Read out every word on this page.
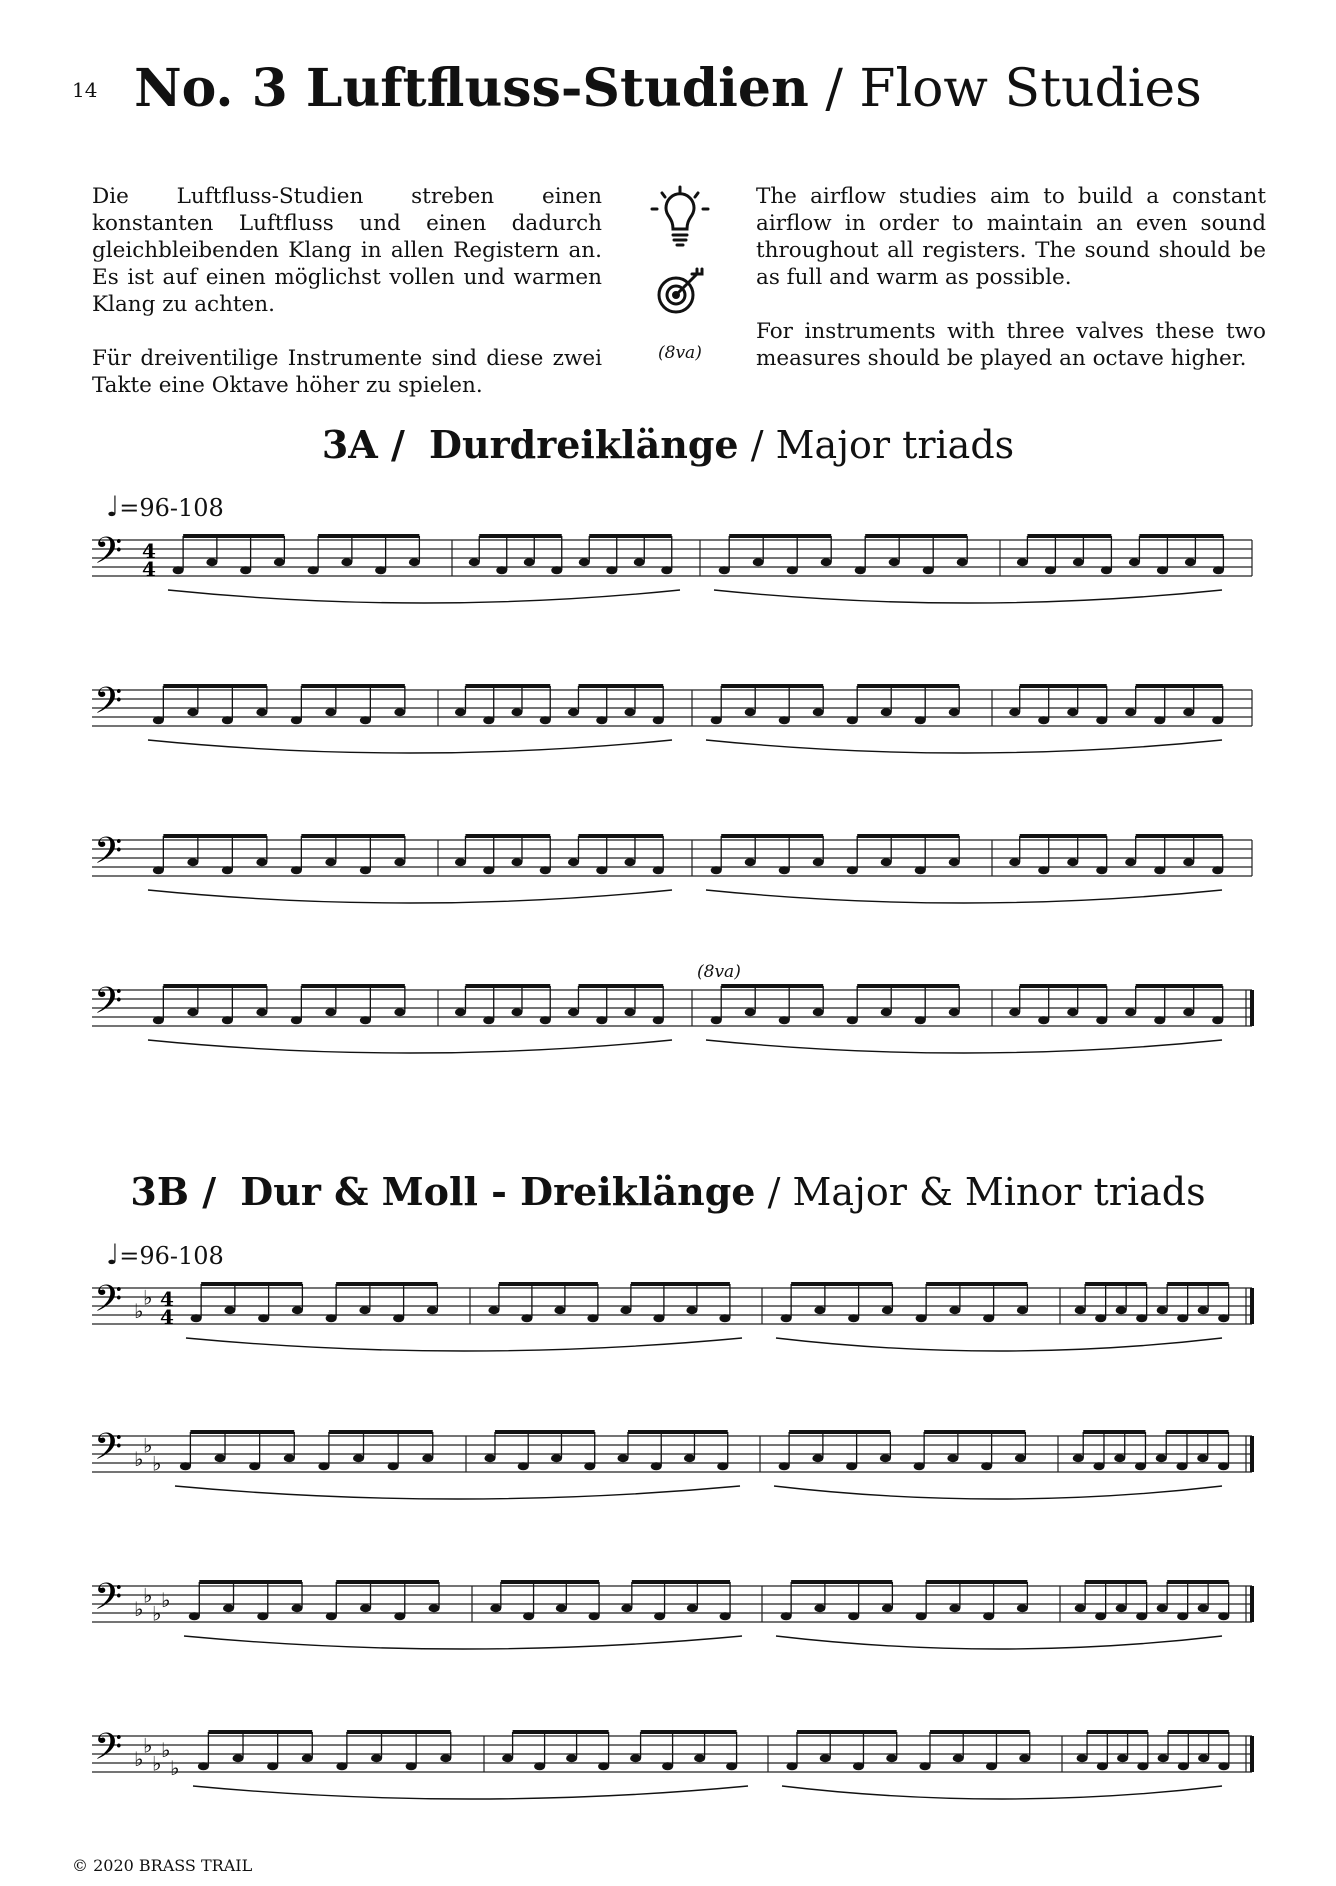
14 No. 3 Luftfluss-Studien / Flow Studies

Die Luftfluss-Studien streben einen konstanten Luftfluss und einen dadurch gleichbleibenden Klang in allen Registern an. Es ist auf einen möglichst vollen und warmen Klang zu achten.

Für dreiventilige Instrumente sind diese zwei Takte eine Oktave höher zu spielen.

(8va)

The airflow studies aim to build a constant airflow in order to maintain an even sound throughout all registers. The sound should be as full and warm as possible.

For instruments with three valves these two measures should be played an octave higher.

3A / Durdreiklänge / Major triads
♩=96-108
(8va)
3B / Dur & Moll - Dreiklänge / Major & Minor triads
♩=96-108
𝄢 4
4
𝄢
𝄢
𝄢
𝄢 ♭
♭ 4
4
𝄢 ♭
♭
♭
𝄢 ♭
♭
♭
♭
𝄢 ♭
♭
♭
♭
♭
© 2020 BRASS TRAIL
